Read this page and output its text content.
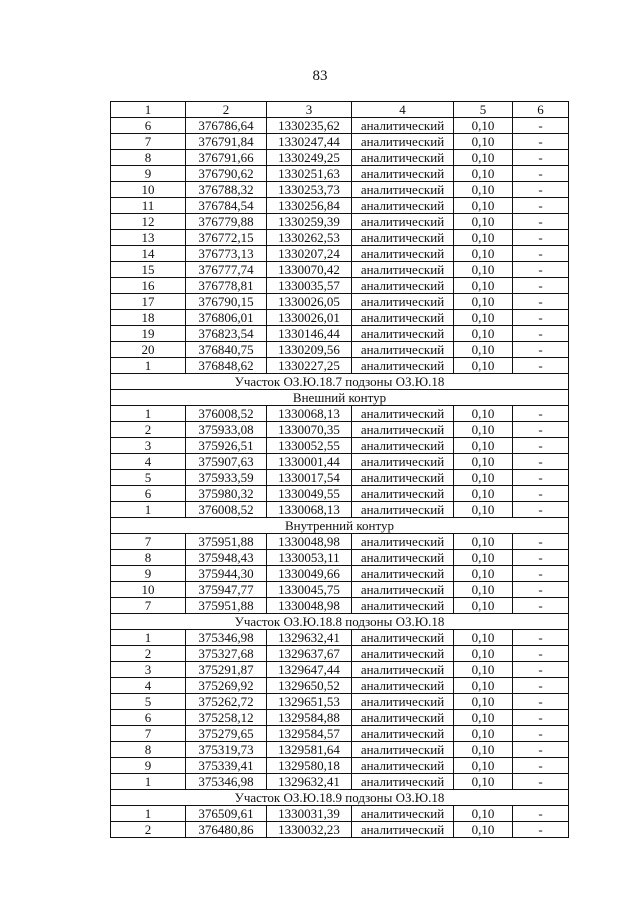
83
1	2	3	4	5	6
6	376786,64	1330235,62	аналитический	0,10	-
7	376791,84	1330247,44	аналитический	0,10	-
8	376791,66	1330249,25	аналитический	0,10	-
9	376790,62	1330251,63	аналитический	0,10	-
10	376788,32	1330253,73	аналитический	0,10	-
11	376784,54	1330256,84	аналитический	0,10	-
12	376779,88	1330259,39	аналитический	0,10	-
13	376772,15	1330262,53	аналитический	0,10	-
14	376773,13	1330207,24	аналитический	0,10	-
15	376777,74	1330070,42	аналитический	0,10	-
16	376778,81	1330035,57	аналитический	0,10	-
17	376790,15	1330026,05	аналитический	0,10	-
18	376806,01	1330026,01	аналитический	0,10	-
19	376823,54	1330146,44	аналитический	0,10	-
20	376840,75	1330209,56	аналитический	0,10	-
1	376848,62	1330227,25	аналитический	0,10	-
Участок ОЗ.Ю.18.7 подзоны ОЗ.Ю.18					
Внешний контур					
1	376008,52	1330068,13	аналитический	0,10	-
2	375933,08	1330070,35	аналитический	0,10	-
3	375926,51	1330052,55	аналитический	0,10	-
4	375907,63	1330001,44	аналитический	0,10	-
5	375933,59	1330017,54	аналитический	0,10	-
6	375980,32	1330049,55	аналитический	0,10	-
1	376008,52	1330068,13	аналитический	0,10	-
Внутренний контур					
7	375951,88	1330048,98	аналитический	0,10	-
8	375948,43	1330053,11	аналитический	0,10	-
9	375944,30	1330049,66	аналитический	0,10	-
10	375947,77	1330045,75	аналитический	0,10	-
7	375951,88	1330048,98	аналитический	0,10	-
Участок ОЗ.Ю.18.8 подзоны ОЗ.Ю.18					
1	375346,98	1329632,41	аналитический	0,10	-
2	375327,68	1329637,67	аналитический	0,10	-
3	375291,87	1329647,44	аналитический	0,10	-
4	375269,92	1329650,52	аналитический	0,10	-
5	375262,72	1329651,53	аналитический	0,10	-
6	375258,12	1329584,88	аналитический	0,10	-
7	375279,65	1329584,57	аналитический	0,10	-
8	375319,73	1329581,64	аналитический	0,10	-
9	375339,41	1329580,18	аналитический	0,10	-
1	375346,98	1329632,41	аналитический	0,10	-
Участок ОЗ.Ю.18.9 подзоны ОЗ.Ю.18					
1	376509,61	1330031,39	аналитический	0,10	-
2	376480,86	1330032,23	аналитический	0,10	-
